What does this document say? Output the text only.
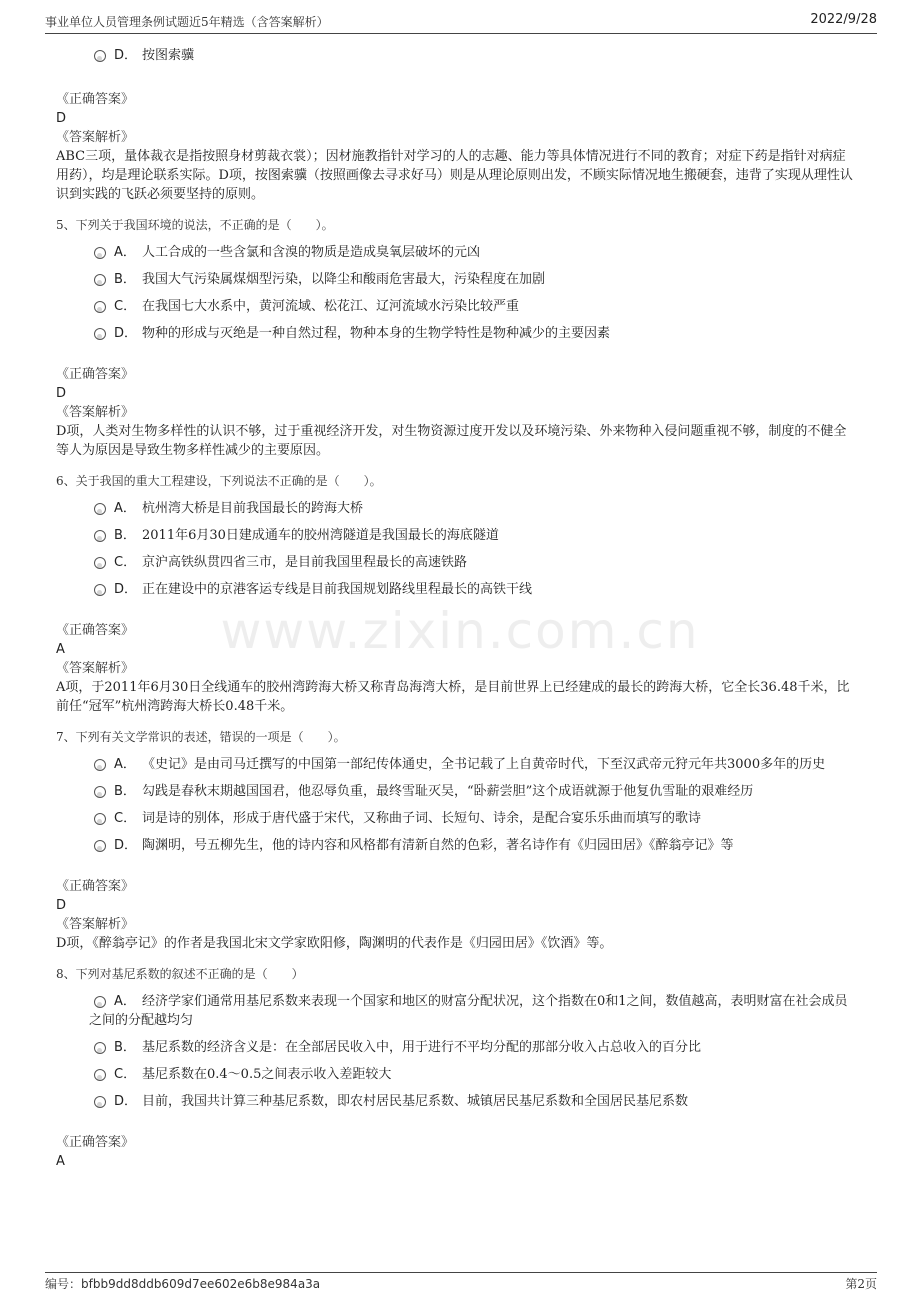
事业单位人员管理条例试题近5年精选（含答案解析）	2022/9/28
www.zixin.com.cn
D． 按图索骥
《正确答案》
D
《答案解析》
ABC三项，量体裁衣是指按照身材剪裁衣裳）；因材施教指针对学习的人的志趣、能力等具体情况进行不同的教育；对症下药是指针对病症用药），均是理论联系实际。D项，按图索骥（按照画像去寻求好马）则是从理论原则出发，不顾实际情况地生搬硬套，违背了实现从理性认识到实践的飞跃必须要坚持的原则。
5、下列关于我国环境的说法，不正确的是（　　）。
A． 人工合成的一些含氯和含溴的物质是造成臭氧层破坏的元凶
B． 我国大气污染属煤烟型污染，以降尘和酸雨危害最大，污染程度在加剧
C． 在我国七大水系中，黄河流域、松花江、辽河流域水污染比较严重
D． 物种的形成与灭绝是一种自然过程，物种本身的生物学特性是物种减少的主要因素
《正确答案》
D
《答案解析》
D项，人类对生物多样性的认识不够，过于重视经济开发，对生物资源过度开发以及环境污染、外来物种入侵问题重视不够，制度的不健全等人为原因是导致生物多样性减少的主要原因。
6、关于我国的重大工程建设，下列说法不正确的是（　　）。
A． 杭州湾大桥是目前我国最长的跨海大桥
B． 2011年6月30日建成通车的胶州湾隧道是我国最长的海底隧道
C． 京沪高铁纵贯四省三市，是目前我国里程最长的高速铁路
D． 正在建设中的京港客运专线是目前我国规划路线里程最长的高铁干线
《正确答案》
A
《答案解析》
A项，于2011年6月30日全线通车的胶州湾跨海大桥又称青岛海湾大桥，是目前世界上已经建成的最长的跨海大桥，它全长36.48千米，比前任“冠军”杭州湾跨海大桥长0.48千米。
7、下列有关文学常识的表述，错误的一项是（　　）。
A． 《史记》是由司马迁撰写的中国第一部纪传体通史，全书记载了上自黄帝时代，下至汉武帝元狩元年共3000多年的历史
B． 勾践是春秋末期越国国君，他忍辱负重，最终雪耻灭吴，“卧薪尝胆”这个成语就源于他复仇雪耻的艰难经历
C． 词是诗的别体，形成于唐代盛于宋代，又称曲子词、长短句、诗余，是配合宴乐乐曲而填写的歌诗
D． 陶渊明，号五柳先生，他的诗内容和风格都有清新自然的色彩，著名诗作有《归园田居》《醉翁亭记》等
《正确答案》
D
《答案解析》
D项，《醉翁亭记》的作者是我国北宋文学家欧阳修，陶渊明的代表作是《归园田居》《饮酒》等。
8、下列对基尼系数的叙述不正确的是（　　）
A． 经济学家们通常用基尼系数来表现一个国家和地区的财富分配状况，这个指数在0和1之间，数值越高，表明财富在社会成员之间的分配越均匀
B． 基尼系数的经济含义是：在全部居民收入中，用于进行不平均分配的那部分收入占总收入的百分比
C． 基尼系数在0.4～0.5之间表示收入差距较大
D． 目前，我国共计算三种基尼系数，即农村居民基尼系数、城镇居民基尼系数和全国居民基尼系数
《正确答案》
A
编号：bfbb9dd8ddb609d7ee602e6b8e984a3a	第2页
